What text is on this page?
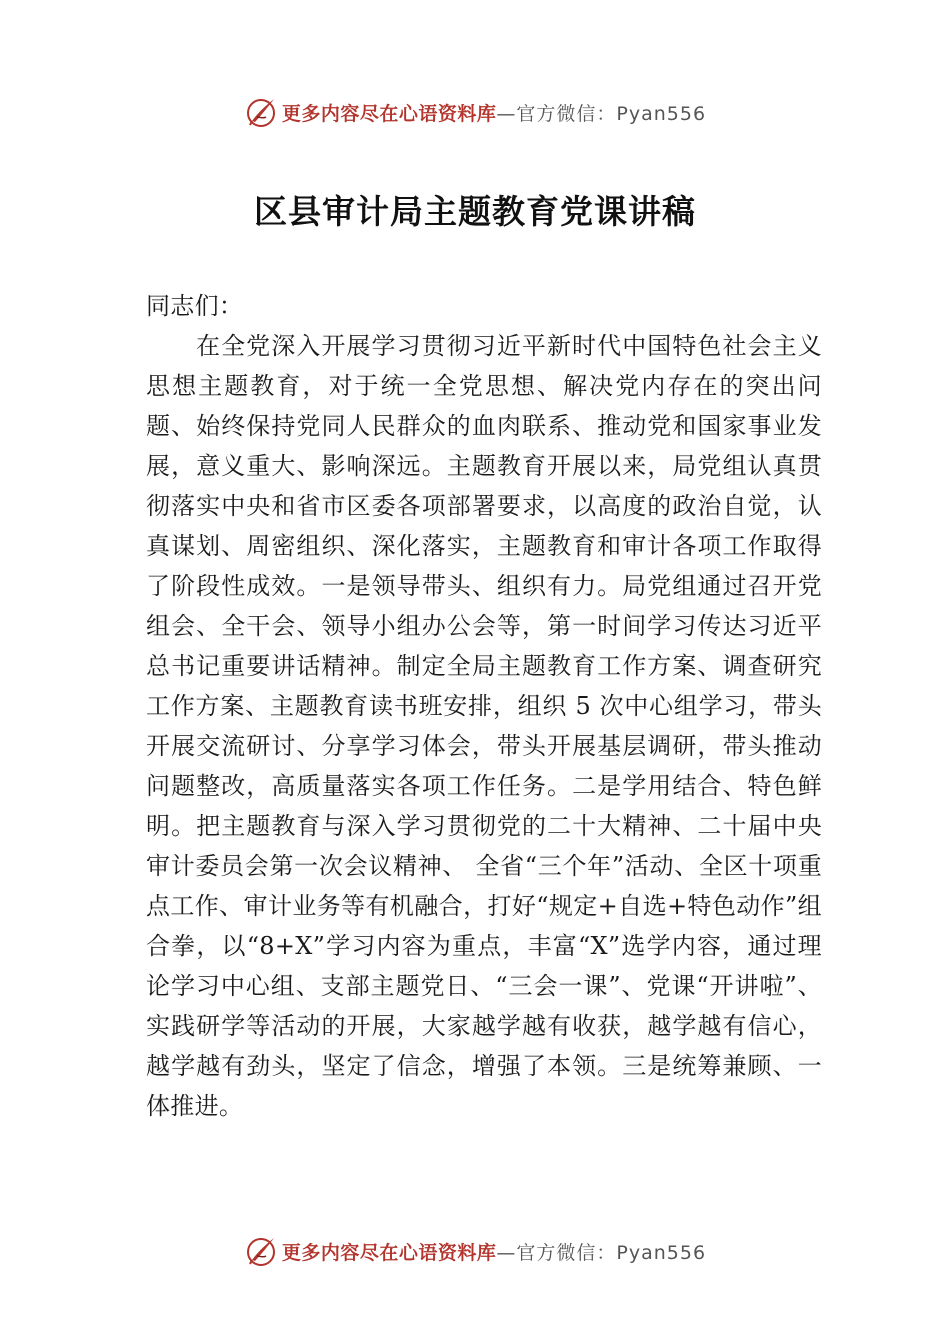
更多内容尽在心语资料库 —官方微信：Pyan556
区县审计局主题教育党课讲稿

同志们：

在全党深入开展学习贯彻习近平新时代中国特色社会主义思想主题教育，对于统一全党思想、解决党内存在的突出问题、始终保持党同人民群众的血肉联系、推动党和国家事业发展，意义重大、影响深远。主题教育开展以来，局党组认真贯彻落实中央和省市区委各项部署要求，以高度的政治自觉，认真谋划、周密组织、深化落实，主题教育和审计各项工作取得了阶段性成效。一是领导带头、组织有力。局党组通过召开党组会、全干会、领导小组办公会等，第一时间学习传达习近平总书记重要讲话精神。制定全局主题教育工作方案、调查研究工作方案、主题教育读书班安排，组织 5 次中心组学习，带头开展交流研讨、分享学习体会，带头开展基层调研，带头推动问题整改，高质量落实各项工作任务。二是学用结合、特色鲜明。把主题教育与深入学习贯彻党的二十大精神、二十届中央审计委员会第一次会议精神、 全省“三个年”活动、全区十项重点工作、审计业务等有机融合，打好“规定+自选+特色动作”组合拳，以“8+X”学习内容为重点，丰富“X”选学内容，通过理论学习中心组、支部主题党日、“三会一课”、党课“开讲啦”、实践研学等活动的开展，大家越学越有收获，越学越有信心，越学越有劲头，坚定了信念，增强了本领。三是统筹兼顾、一体推进。

更多内容尽在心语资料库 —官方微信：Pyan556
